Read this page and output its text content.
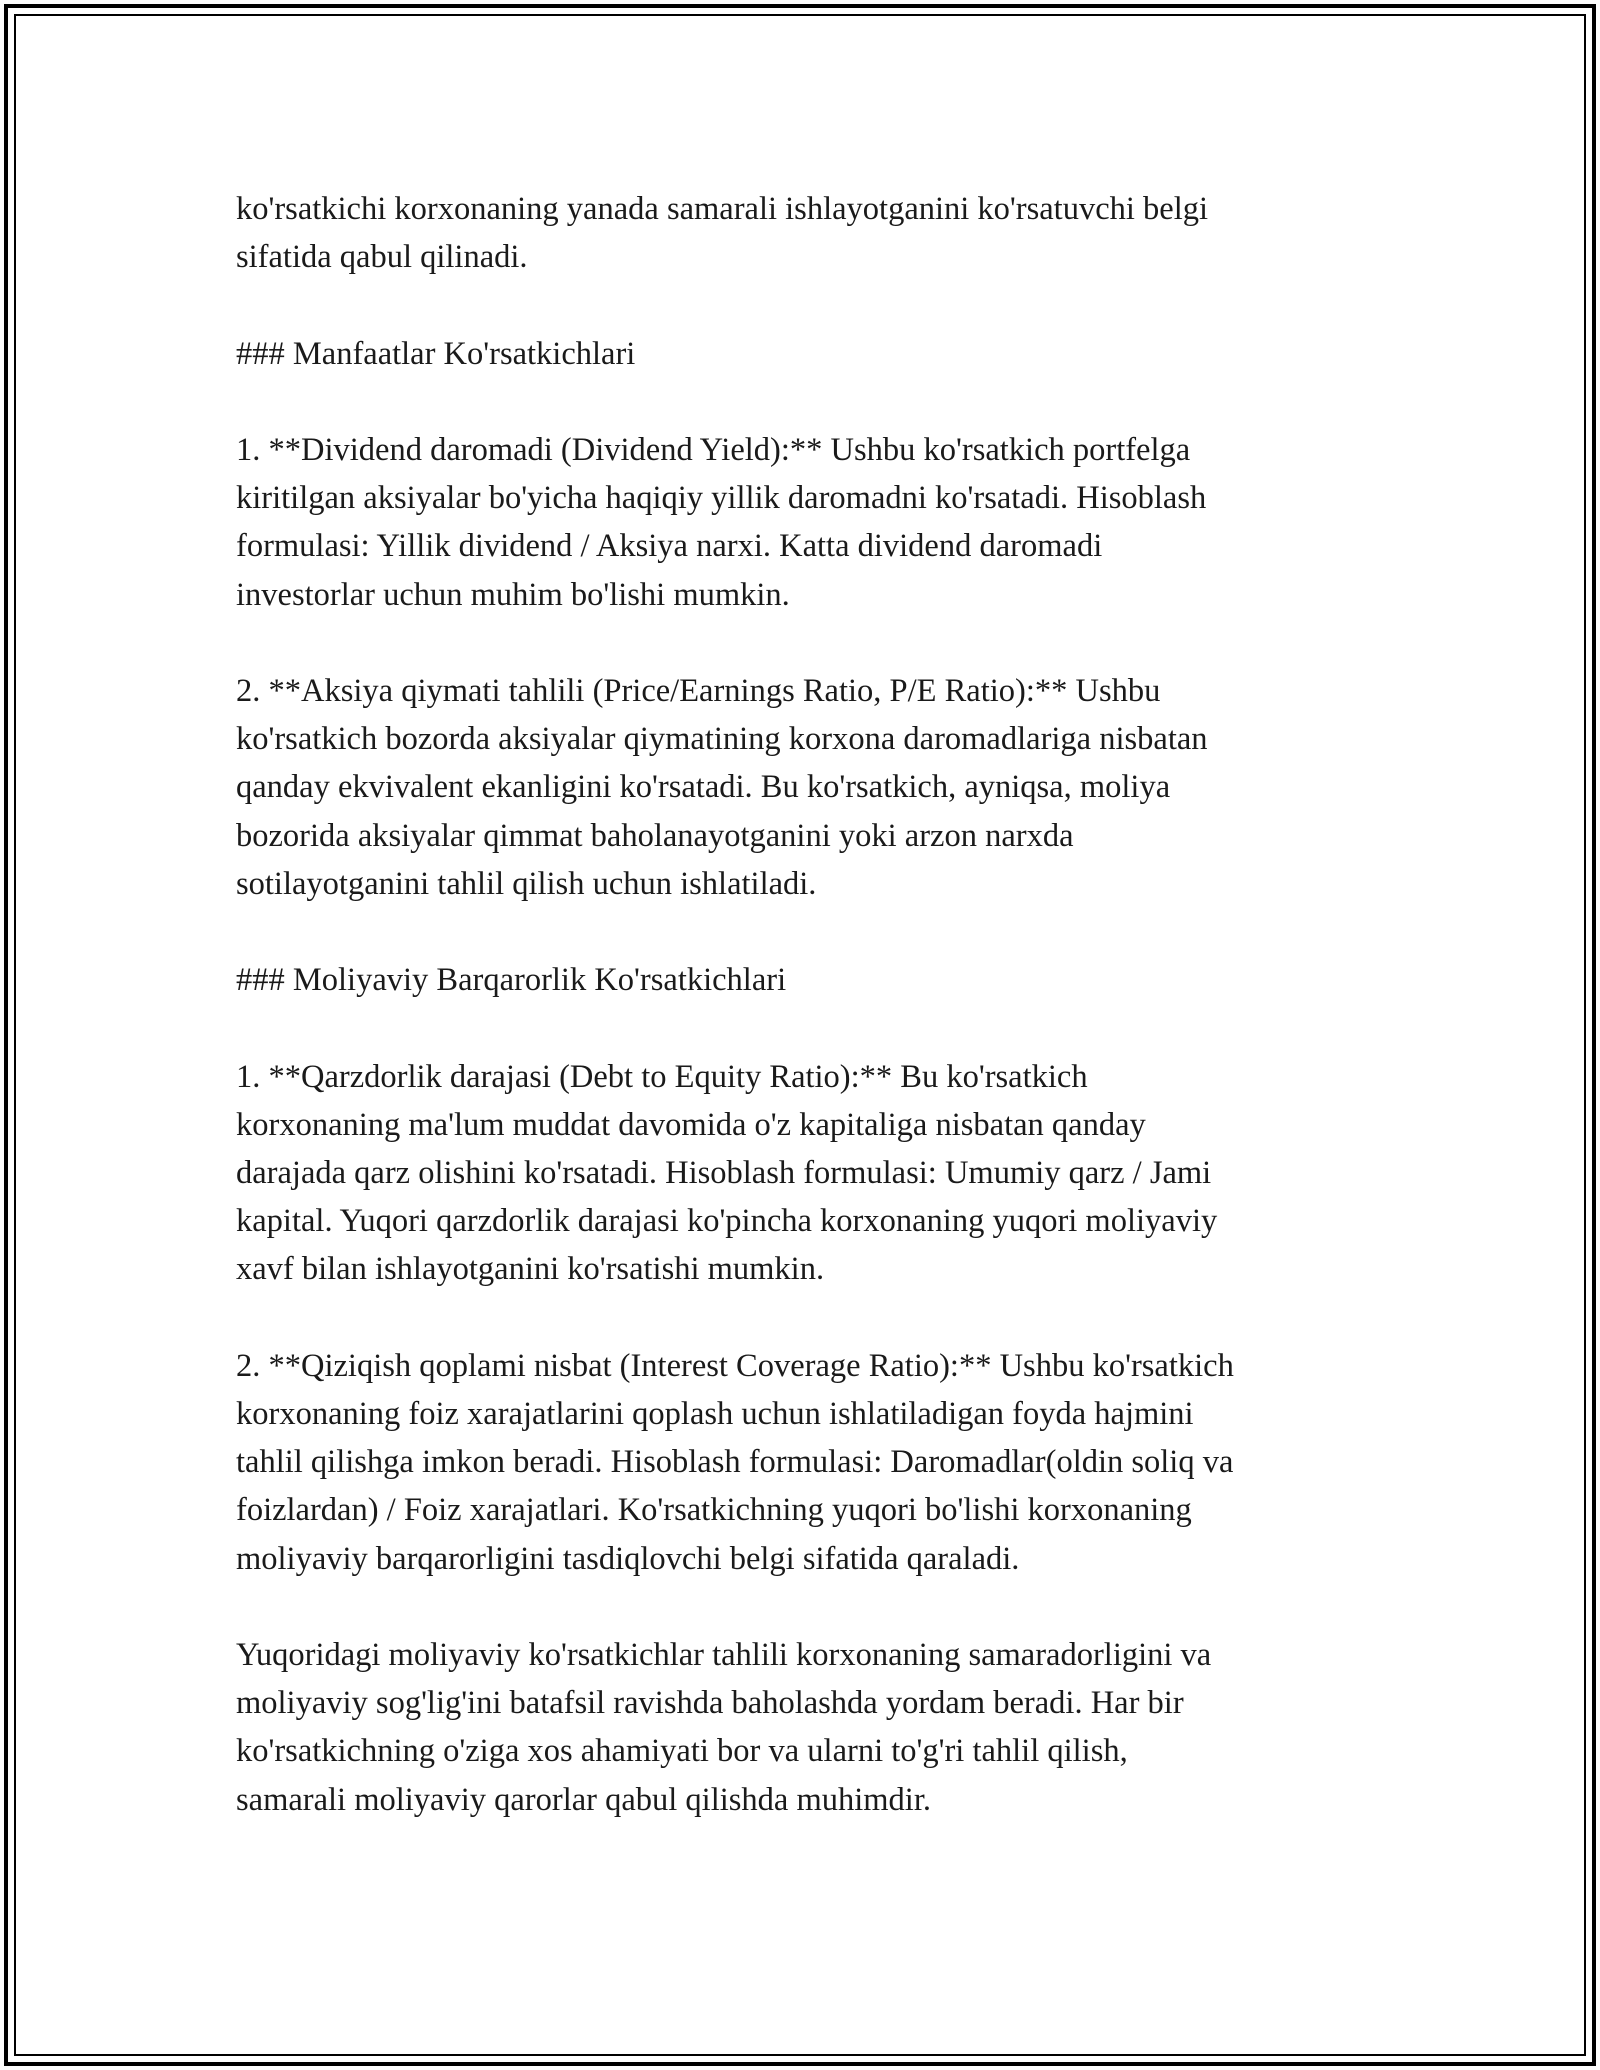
ko'rsatkichi korxonaning yanada samarali ishlayotganini ko'rsatuvchi belgi
sifatida qabul qilinadi.

### Manfaatlar Ko'rsatkichlari

1. **Dividend daromadi (Dividend Yield):** Ushbu ko'rsatkich portfelga
kiritilgan aksiyalar bo'yicha haqiqiy yillik daromadni ko'rsatadi. Hisoblash
formulasi: Yillik dividend / Aksiya narxi. Katta dividend daromadi
investorlar uchun muhim bo'lishi mumkin.

2. **Aksiya qiymati tahlili (Price/Earnings Ratio, P/E Ratio):** Ushbu
ko'rsatkich bozorda aksiyalar qiymatining korxona daromadlariga nisbatan
qanday ekvivalent ekanligini ko'rsatadi. Bu ko'rsatkich, ayniqsa, moliya
bozorida aksiyalar qimmat baholanayotganini yoki arzon narxda
sotilayotganini tahlil qilish uchun ishlatiladi.

### Moliyaviy Barqarorlik Ko'rsatkichlari

1. **Qarzdorlik darajasi (Debt to Equity Ratio):** Bu ko'rsatkich
korxonaning ma'lum muddat davomida o'z kapitaliga nisbatan qanday
darajada qarz olishini ko'rsatadi. Hisoblash formulasi: Umumiy qarz / Jami
kapital. Yuqori qarzdorlik darajasi ko'pincha korxonaning yuqori moliyaviy
xavf bilan ishlayotganini ko'rsatishi mumkin.

2. **Qiziqish qoplami nisbat (Interest Coverage Ratio):** Ushbu ko'rsatkich
korxonaning foiz xarajatlarini qoplash uchun ishlatiladigan foyda hajmini
tahlil qilishga imkon beradi. Hisoblash formulasi: Daromadlar(oldin soliq va
foizlardan) / Foiz xarajatlari. Ko'rsatkichning yuqori bo'lishi korxonaning
moliyaviy barqarorligini tasdiqlovchi belgi sifatida qaraladi.

Yuqoridagi moliyaviy ko'rsatkichlar tahlili korxonaning samaradorligini va
moliyaviy sog'lig'ini batafsil ravishda baholashda yordam beradi. Har bir
ko'rsatkichning o'ziga xos ahamiyati bor va ularni to'g'ri tahlil qilish,
samarali moliyaviy qarorlar qabul qilishda muhimdir.
